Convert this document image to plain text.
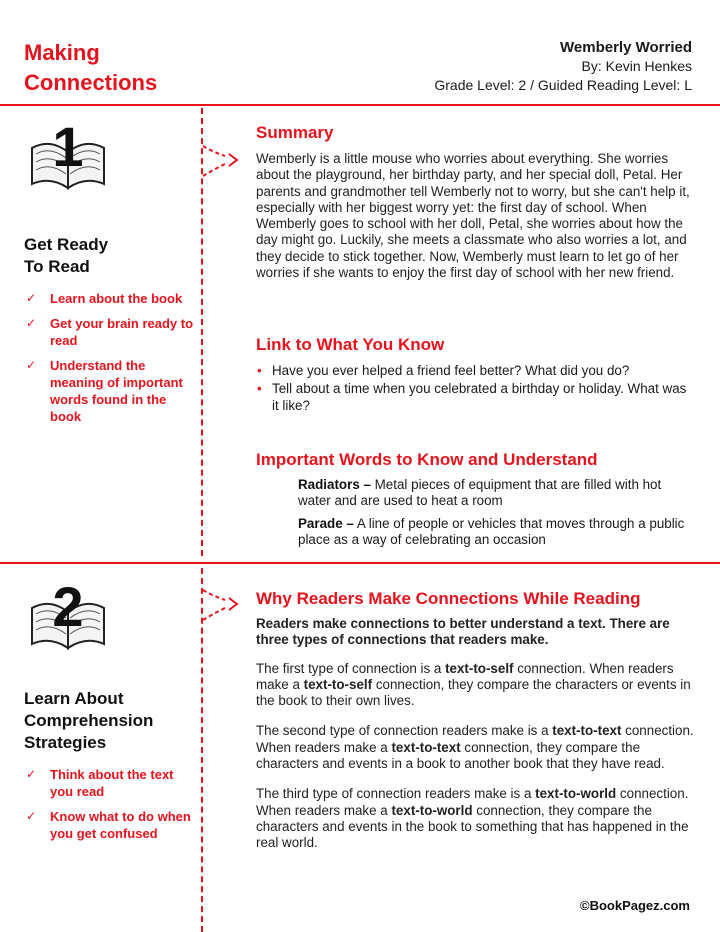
Making
Connections
Wemberly Worried
By: Kevin Henkes
Grade Level: 2 / Guided Reading Level: L
1
Get Ready
To Read
✓ Learn about the book
✓ Get your brain ready to read
✓ Understand the meaning of important words found in the book
2
Learn About
Comprehension
Strategies
✓ Think about the text you read
✓ Know what to do when you get confused
Summary
Wemberly is a little mouse who worries about everything. She worries about the playground, her birthday party, and her special doll, Petal. Her parents and grandmother tell Wemberly not to worry, but she can't help it, especially with her biggest worry yet: the first day of school. When Wemberly goes to school with her doll, Petal, she worries about how the day might go. Luckily, she meets a classmate who also worries a lot, and they decide to stick together. Now, Wemberly must learn to let go of her worries if she wants to enjoy the first day of school with her new friend.
Link to What You Know
• Have you ever helped a friend feel better? What did you do?
• Tell about a time when you celebrated a birthday or holiday. What was it like?
Important Words to Know and Understand
Radiators – Metal pieces of equipment that are filled with hot water and are used to heat a room
Parade – A line of people or vehicles that moves through a public place as a way of celebrating an occasion
Why Readers Make Connections While Reading
Readers make connections to better understand a text. There are three types of connections that readers make.
The first type of connection is a text-to-self connection. When readers make a text-to-self connection, they compare the characters or events in the book to their own lives.
The second type of connection readers make is a text-to-text connection. When readers make a text-to-text connection, they compare the characters and events in a book to another book that they have read.
The third type of connection readers make is a text-to-world connection. When readers make a text-to-world connection, they compare the characters and events in the book to something that has happened in the real world.
©BookPagez.com
